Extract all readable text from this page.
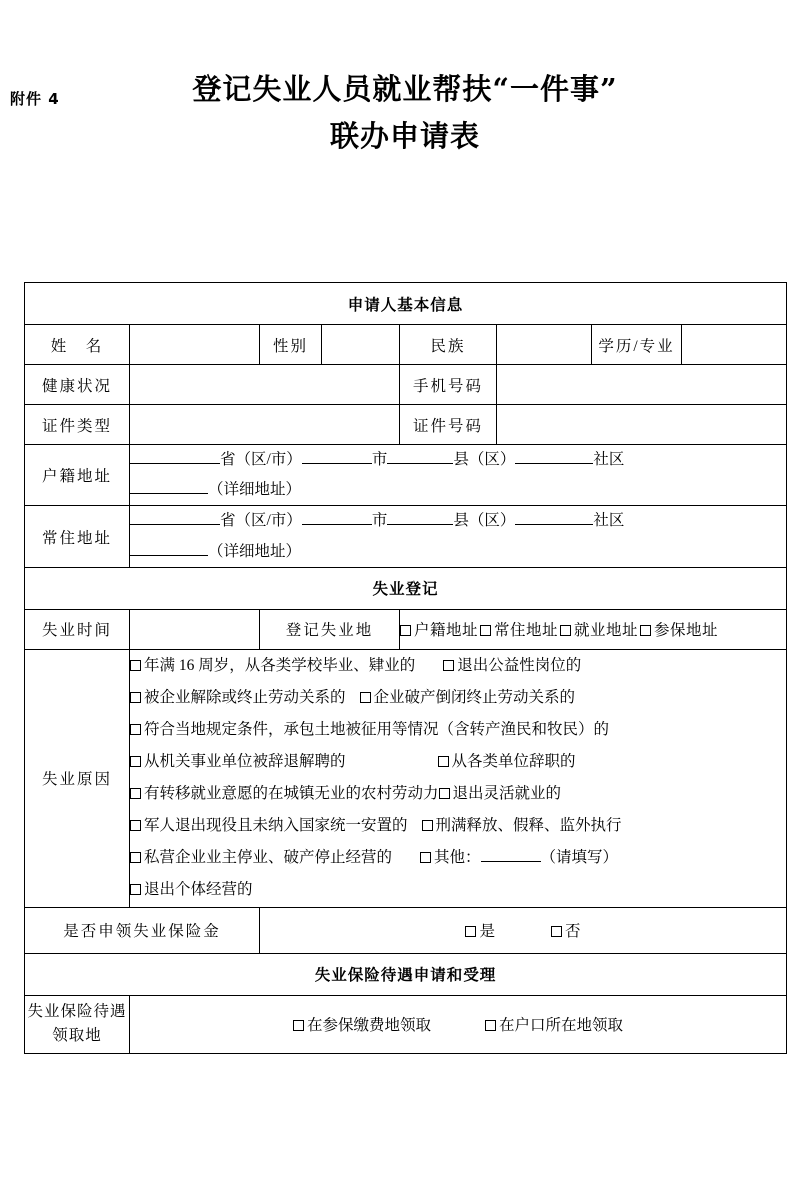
附件 4	登记失业人员就业帮扶“一件事”
联办申请表
申请人基本信息							
姓　名		性别		民族		学历/专业	
健康状况				手机号码			
证件类型				证件号码			
户籍地址	省（区/市） 市 县（区） 社区
（详细地址）						
常住地址	省（区/市） 市 县（区） 社区
（详细地址）						
失业登记							
失业时间		登记失业地		户籍地址 常住地址 就业地址 参保地址			
失业原因	
年满 16 周岁，从各类学校毕业、肄业的	退出公益性岗位的
被企业解除或终止劳动关系的 企业破产倒闭终止劳动关系的
符合当地规定条件，承包土地被征用等情况（含转产渔民和牧民）的
从机关事业单位被辞退解聘的	从各类单位辞职的
有转移就业意愿的在城镇无业的农村劳动力 退出灵活就业的
军人退出现役且未纳入国家统一安置的 刑满释放、假释、监外执行
私营企业业主停业、破产停止经营的	其他：	（请填写）
退出个体经营的

是否申领失业保险金		是 否					
失业保险待遇申请和受理							
失业保险待遇
领取地	在参保缴费地领取 在户口所在地领取						
